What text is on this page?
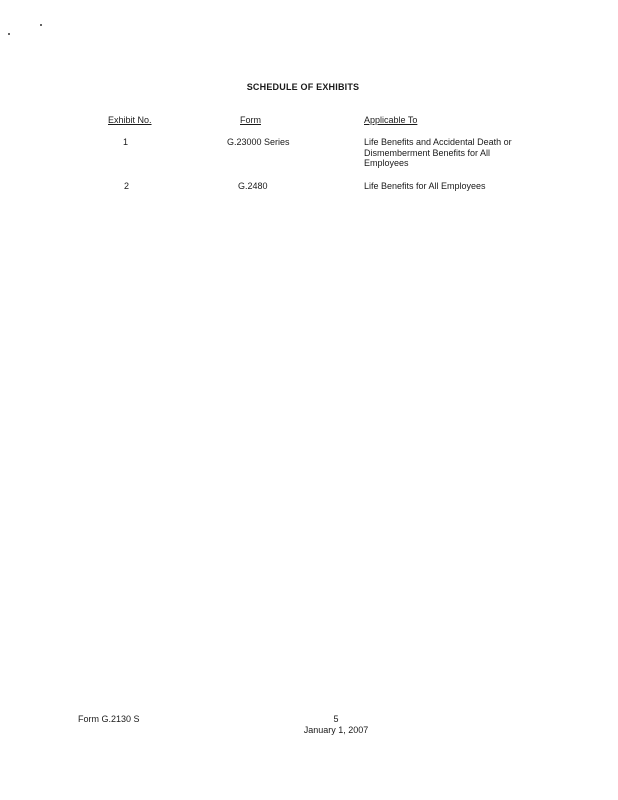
SCHEDULE OF EXHIBITS
Exhibit No.	Form	Applicable To
1	G.23000 Series	Life Benefits and Accidental Death or Dismemberment Benefits for All Employees
2	G.2480	Life Benefits for All Employees
Form G.2130 S	5
January 1, 2007
